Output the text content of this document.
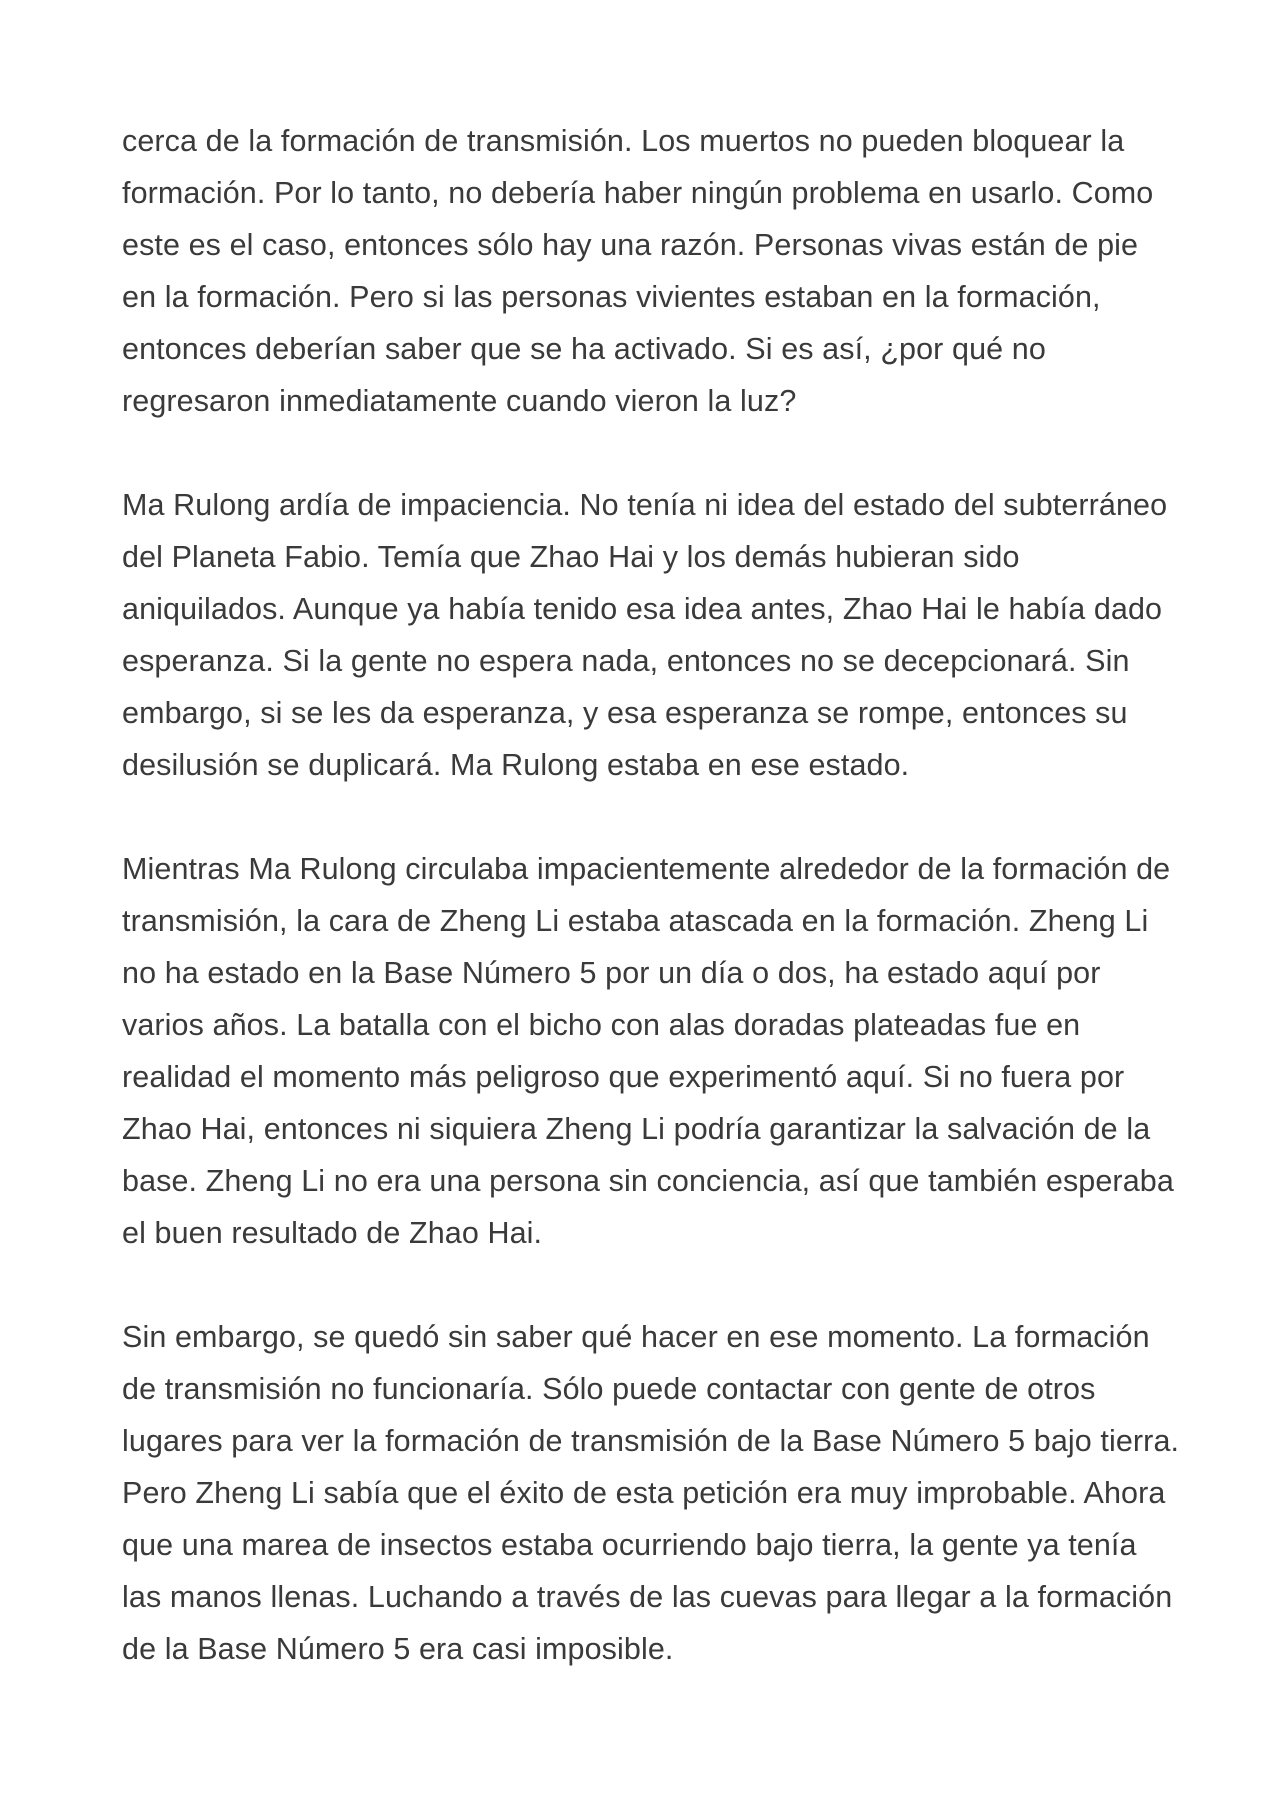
cerca de la formación de transmisión. Los muertos no pueden bloquear la
formación. Por lo tanto, no debería haber ningún problema en usarlo. Como
este es el caso, entonces sólo hay una razón. Personas vivas están de pie
en la formación. Pero si las personas vivientes estaban en la formación,
entonces deberían saber que se ha activado. Si es así, ¿por qué no
regresaron inmediatamente cuando vieron la luz?

Ma Rulong ardía de impaciencia. No tenía ni idea del estado del subterráneo
del Planeta Fabio. Temía que Zhao Hai y los demás hubieran sido
aniquilados. Aunque ya había tenido esa idea antes, Zhao Hai le había dado
esperanza. Si la gente no espera nada, entonces no se decepcionará. Sin
embargo, si se les da esperanza, y esa esperanza se rompe, entonces su
desilusión se duplicará. Ma Rulong estaba en ese estado.

Mientras Ma Rulong circulaba impacientemente alrededor de la formación de
transmisión, la cara de Zheng Li estaba atascada en la formación. Zheng Li
no ha estado en la Base Número 5 por un día o dos, ha estado aquí por
varios años. La batalla con el bicho con alas doradas plateadas fue en
realidad el momento más peligroso que experimentó aquí. Si no fuera por
Zhao Hai, entonces ni siquiera Zheng Li podría garantizar la salvación de la
base. Zheng Li no era una persona sin conciencia, así que también esperaba
el buen resultado de Zhao Hai.

Sin embargo, se quedó sin saber qué hacer en ese momento. La formación
de transmisión no funcionaría. Sólo puede contactar con gente de otros
lugares para ver la formación de transmisión de la Base Número 5 bajo tierra.
Pero Zheng Li sabía que el éxito de esta petición era muy improbable. Ahora
que una marea de insectos estaba ocurriendo bajo tierra, la gente ya tenía
las manos llenas. Luchando a través de las cuevas para llegar a la formación
de la Base Número 5 era casi imposible.
